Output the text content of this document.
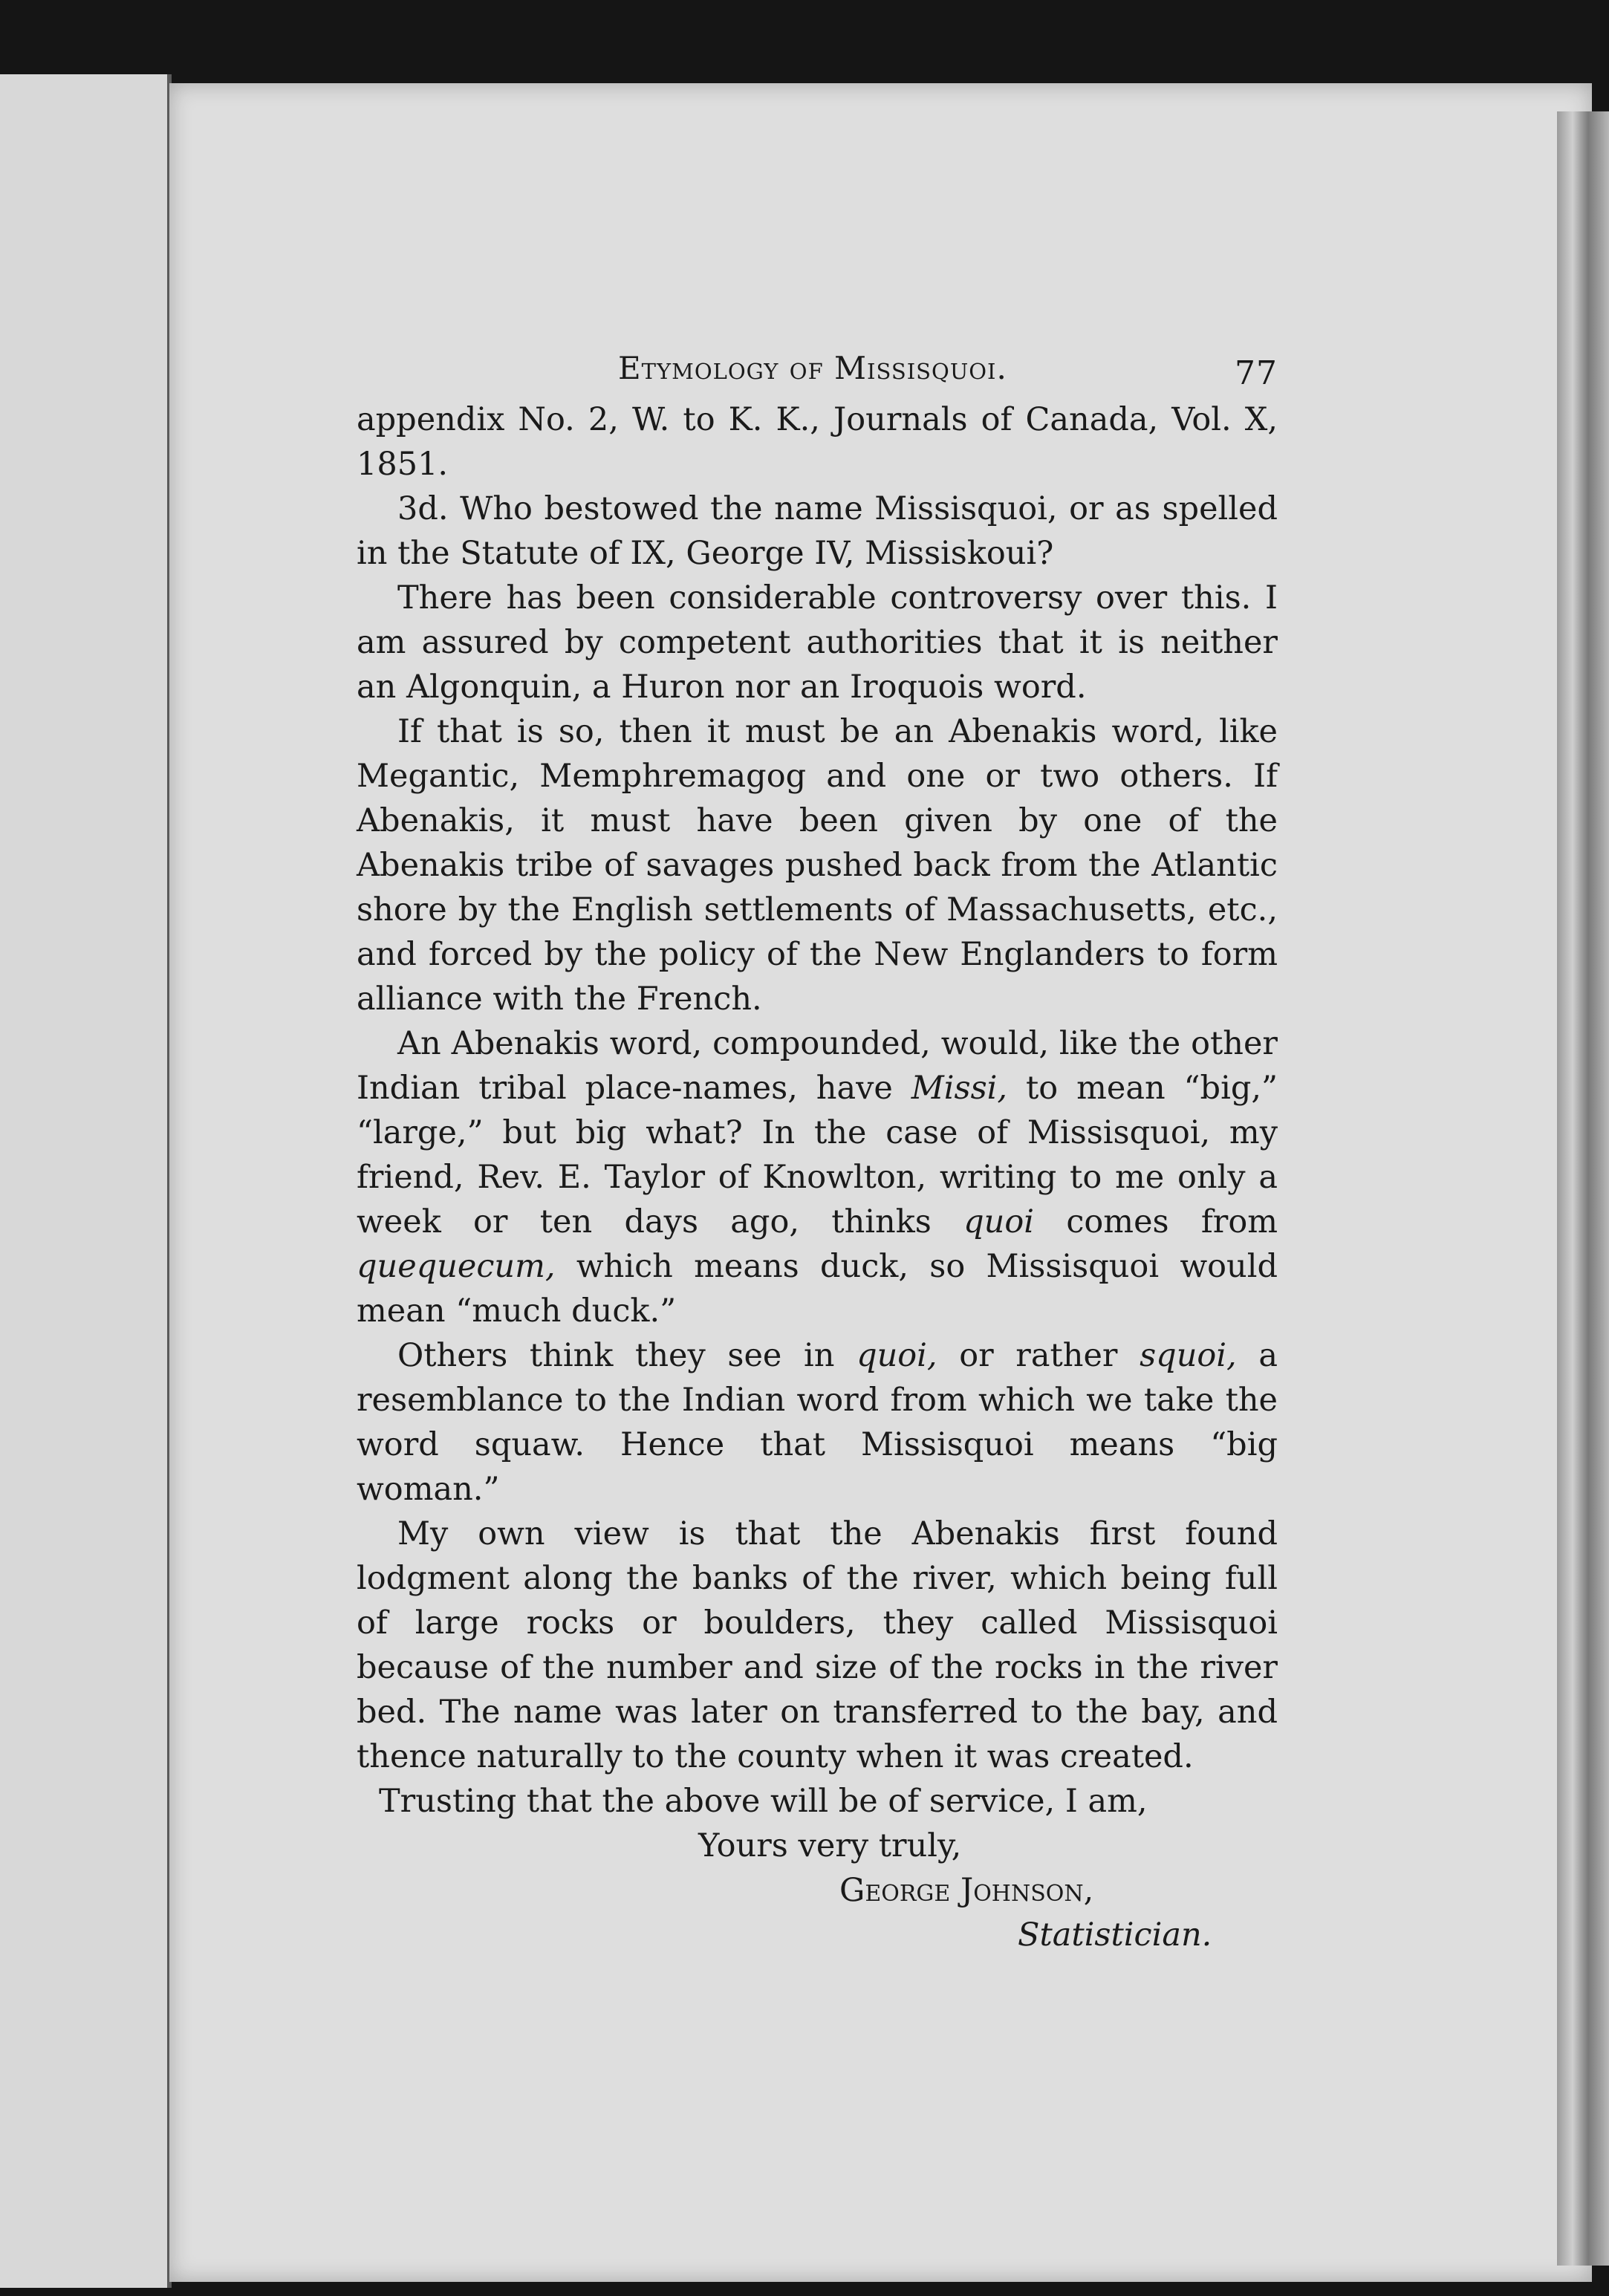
Etymology of Missisquoi.	77

appendix No. 2, W. to K. K., Journals of Canada, Vol. X, 1851.

3d. Who bestowed the name Missisquoi, or as spelled in the Statute of IX, George IV, Missiskoui?

There has been considerable controversy over this. I am assured by competent authorities that it is neither an Algonquin, a Huron nor an Iroquois word.

If that is so, then it must be an Abenakis word, like Megantic, Memphremagog and one or two others. If Abenakis, it must have been given by one of the Abenakis tribe of savages pushed back from the Atlantic shore by the English settlements of Massachusetts, etc., and forced by the policy of the New Englanders to form alliance with the French.

An Abenakis word, compounded, would, like the other Indian tribal place-names, have Missi, to mean “big,” “large,” but big what? In the case of Missisquoi, my friend, Rev. E. Taylor of Knowlton, writing to me only a week or ten days ago, thinks quoi comes from quequecum, which means duck, so Missisquoi would mean “much duck.”

Others think they see in quoi, or rather squoi, a resemblance to the Indian word from which we take the word squaw. Hence that Missisquoi means “big woman.”

My own view is that the Abenakis first found lodgment along the banks of the river, which being full of large rocks or boulders, they called Missisquoi because of the number and size of the rocks in the river bed. The name was later on transferred to the bay, and thence naturally to the county when it was created.

Trusting that the above will be of service, I am,
Yours very truly,
George Johnson,
Statistician.
